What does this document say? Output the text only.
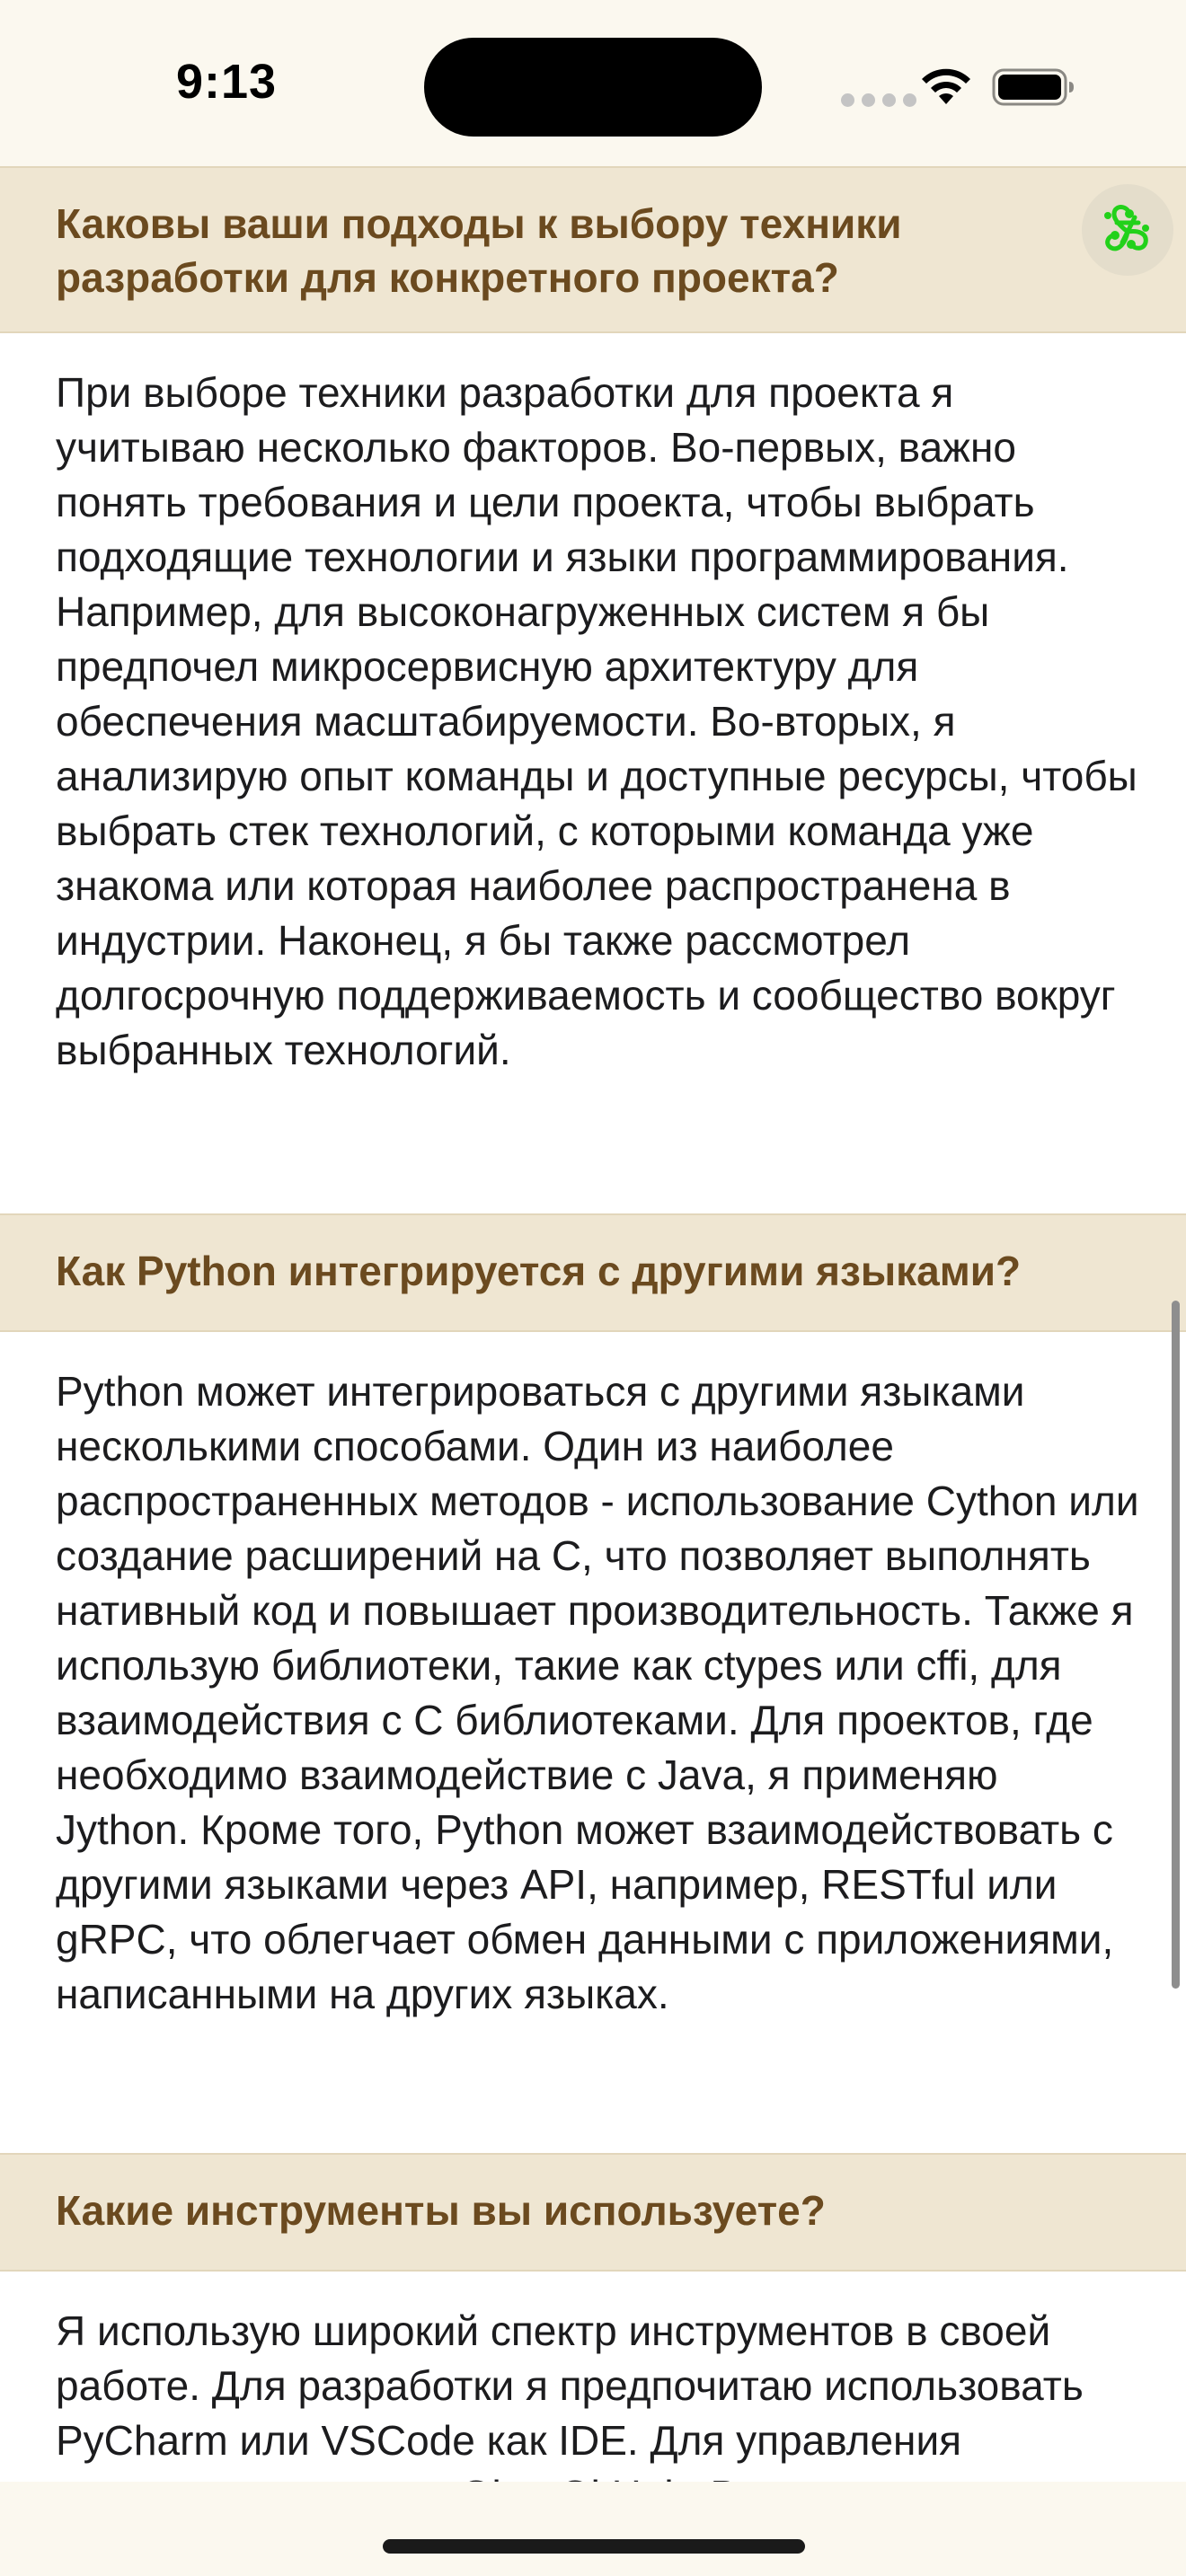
9:13
Каковы ваши подходы к выбору техники разработки для конкретного проекта?
При выборе техники разработки для проекта я учитываю несколько факторов. Во-первых, важно понять требования и цели проекта, чтобы выбрать подходящие технологии и языки программирования. Например, для высоконагруженных систем я бы предпочел микросервисную архитектуру для обеспечения масштабируемости. Во-вторых, я анализирую опыт команды и доступные ресурсы, чтобы выбрать стек технологий, с которыми команда уже знакома или которая наиболее распространена в индустрии. Наконец, я бы также рассмотрел долгосрочную поддерживаемость и сообщество вокруг выбранных технологий.
Как Python интегрируется с другими языками?
Python может интегрироваться с другими языками несколькими способами. Один из наиболее распространенных методов - использование Cython или создание расширений на C, что позволяет выполнять нативный код и повышает производительность. Также я использую библиотеки, такие как ctypes или cffi, для взаимодействия с C библиотеками. Для проектов, где необходимо взаимодействие с Java, я применяю Jython. Кроме того, Python может взаимодействовать с другими языками через API, например, RESTful или gRPC, что облегчает обмен данными с приложениями, написанными на других языках.
Какие инструменты вы используете?
Я использую широкий спектр инструментов в своей работе. Для разработки я предпочитаю использовать PyCharm или VSCode как IDE. Для управления
